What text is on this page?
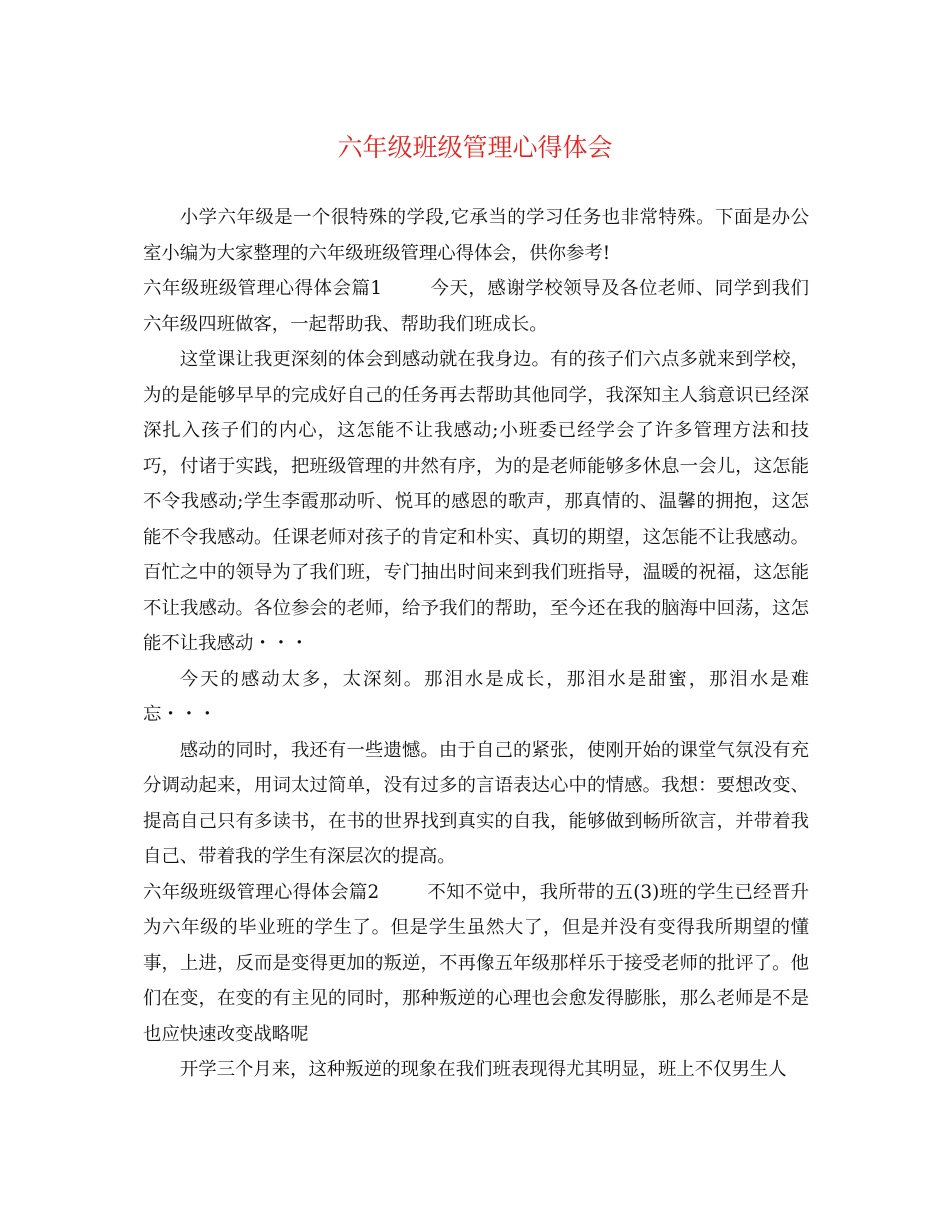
六年级班级管理心得体会

小学六年级是一个很特殊的学段,它承当的学习任务也非常特殊。下面是办公室小编为大家整理的六年级班级管理心得体会，供你参考!

六年级班级管理心得体会篇1	今天，感谢学校领导及各位老师、同学到我们六年级四班做客，一起帮助我、帮助我们班成长。

这堂课让我更深刻的体会到感动就在我身边。有的孩子们六点多就来到学校，为的是能够早早的完成好自己的任务再去帮助其他同学，我深知主人翁意识已经深深扎入孩子们的内心，这怎能不让我感动;小班委已经学会了许多管理方法和技巧，付诸于实践，把班级管理的井然有序，为的是老师能够多休息一会儿，这怎能不令我感动;学生李霞那动听、悦耳的感恩的歌声，那真情的、温馨的拥抱，这怎能不令我感动。任课老师对孩子的肯定和朴实、真切的期望，这怎能不让我感动。百忙之中的领导为了我们班，专门抽出时间来到我们班指导，温暖的祝福，这怎能不让我感动。各位参会的老师，给予我们的帮助，至今还在我的脑海中回荡，这怎能不让我感动・・・

今天的感动太多，太深刻。那泪水是成长，那泪水是甜蜜，那泪水是难忘・・・

感动的同时，我还有一些遗憾。由于自己的紧张，使刚开始的课堂气氛没有充分调动起来，用词太过简单，没有过多的言语表达心中的情感。我想：要想改变、提高自己只有多读书，在书的世界找到真实的自我，能够做到畅所欲言，并带着我自己、带着我的学生有深层次的提高。

六年级班级管理心得体会篇2	不知不觉中，我所带的五(3)班的学生已经晋升为六年级的毕业班的学生了。但是学生虽然大了，但是并没有变得我所期望的懂事，上进，反而是变得更加的叛逆，不再像五年级那样乐于接受老师的批评了。他们在变，在变的有主见的同时，那种叛逆的心理也会愈发得膨胀，那么老师是不是也应快速改变战略呢

开学三个月来，这种叛逆的现象在我们班表现得尤其明显，班上不仅男生人
